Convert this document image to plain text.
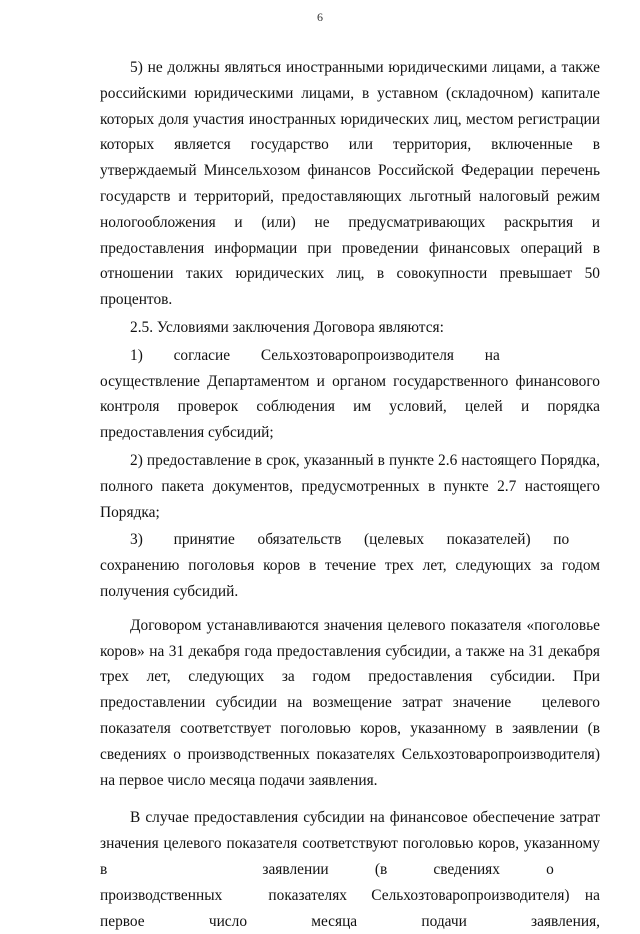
6

5) не должны являться иностранными юридическими лицами, а также российскими юридическими лицами, в уставном (складочном) капитале которых доля участия иностранных юридических лиц, местом регистрации которых является государство или территория, включенные в утверждаемый Минсельхозом финансов Российской Федерации перечень государств и территорий, предоставляющих льготный налоговый режим нологообложения и (или) не предусматривающих раскрытия и предоставления информации при проведении финансовых операций в отношении таких юридических лиц, в совокупности превышает 50 процентов.

2.5. Условиями заключения Договора являются:

1)  согласие  Сельхозтоваропроизводителя  на  осуществление Департаментом и органом государственного финансового контроля проверок соблюдения им условий, целей и порядка предоставления субсидий;

2) предоставление в срок, указанный в пункте 2.6 настоящего Порядка, полного пакета документов, предусмотренных в пункте 2.7 настоящего Порядка;

3)  принятие обязательств (целевых показателей) по  сохранению поголовья коров в течение трех лет, следующих за годом получения субсидий.

Договором устанавливаются значения целевого показателя «поголовье коров» на 31 декабря года предоставления субсидии, а также на 31 декабря трех лет, следующих за годом предоставления субсидии. При предоставлении субсидии на возмещение затрат значение  целевого показателя соответствует поголовью коров, указанному в заявлении (в сведениях о производственных показателях Сельхозтоваропроизводителя) на первое число месяца подачи заявления.

В случае предоставления субсидии на финансовое обеспечение затрат значения целевого показателя соответствуют поголовью коров, указанному в заявлении   (в   сведениях   о   производственных   показателях Сельхозтоваропроизводителя) на первое число месяца подачи заявления,
